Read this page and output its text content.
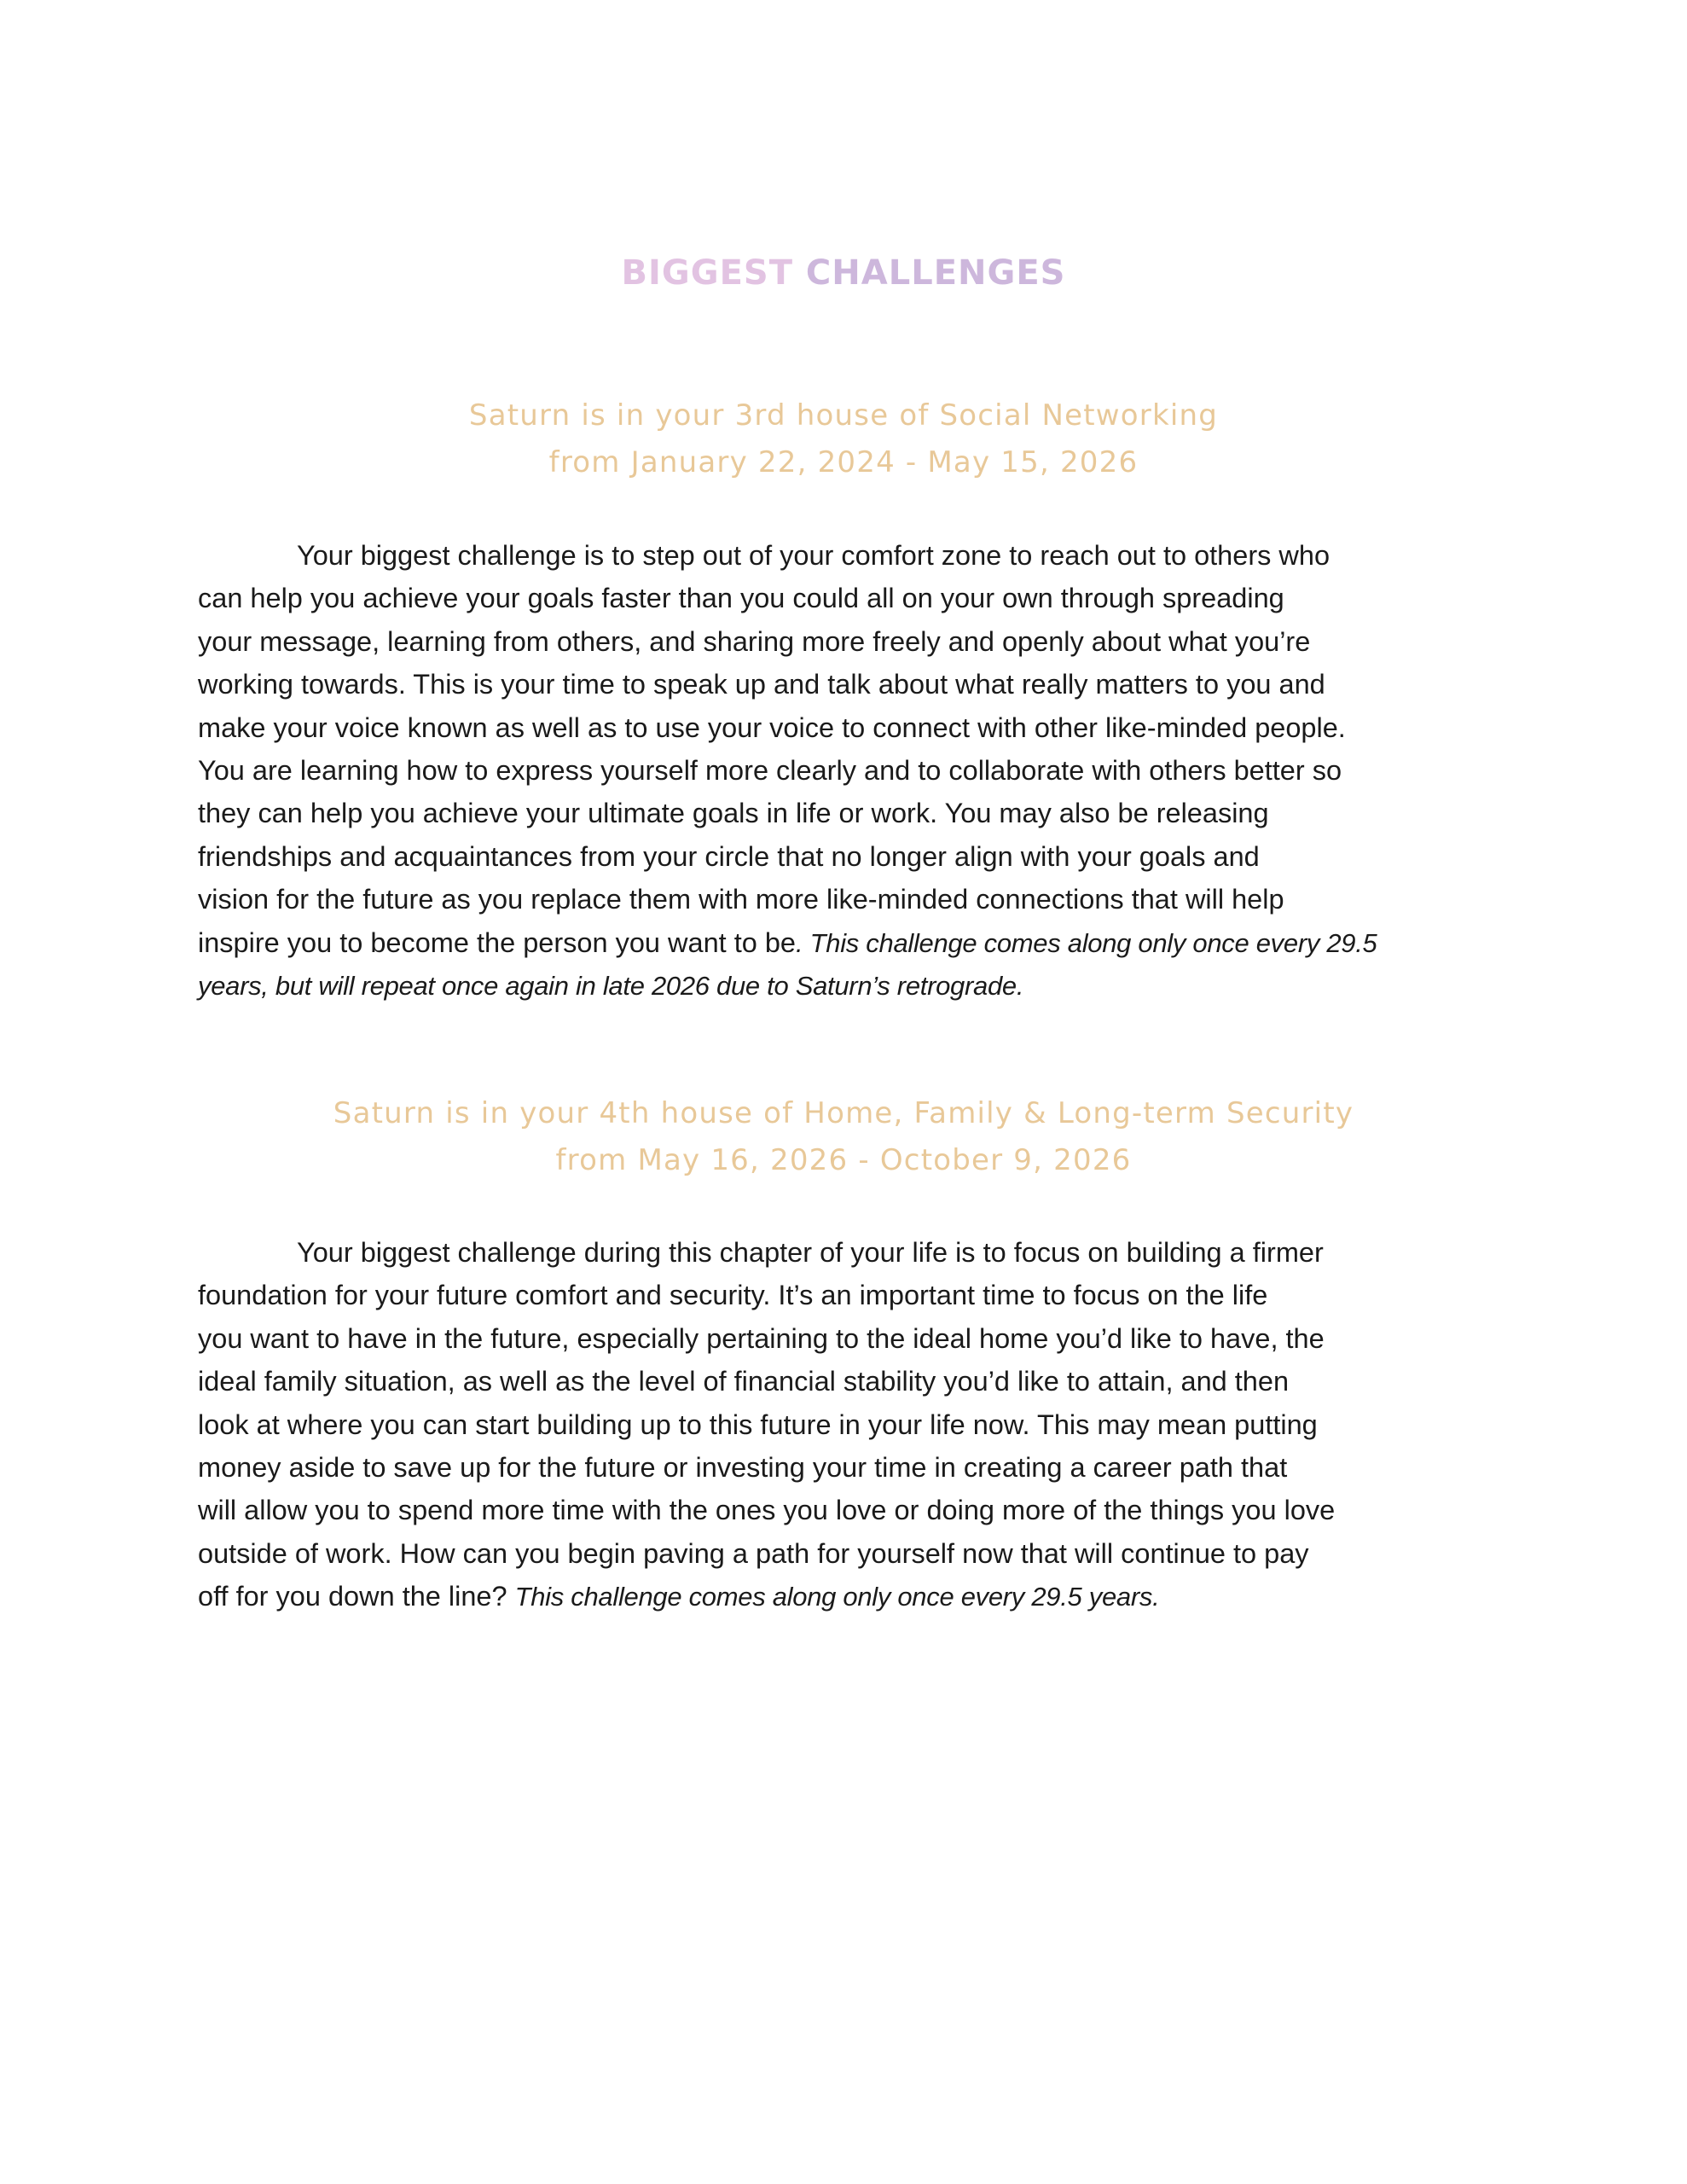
BIGGEST CHALLENGES
Saturn is in your 3rd house of Social Networking
from January 22, 2024 - May 15, 2026
Your biggest challenge is to step out of your comfort zone to reach out to others who
can help you achieve your goals faster than you could all on your own through spreading
your message, learning from others, and sharing more freely and openly about what you’re
working towards. This is your time to speak up and talk about what really matters to you and
make your voice known as well as to use your voice to connect with other like-minded people.
You are learning how to express yourself more clearly and to collaborate with others better so
they can help you achieve your ultimate goals in life or work. You may also be releasing
friendships and acquaintances from your circle that no longer align with your goals and
vision for the future as you replace them with more like-minded connections that will help
inspire you to become the person you want to be. This challenge comes along only once every 29.5
years, but will repeat once again in late 2026 due to Saturn’s retrograde.
Saturn is in your 4th house of Home, Family & Long-term Security
from May 16, 2026 - October 9, 2026
Your biggest challenge during this chapter of your life is to focus on building a firmer
foundation for your future comfort and security. It’s an important time to focus on the life
you want to have in the future, especially pertaining to the ideal home you’d like to have, the
ideal family situation, as well as the level of financial stability you’d like to attain, and then
look at where you can start building up to this future in your life now. This may mean putting
money aside to save up for the future or investing your time in creating a career path that
will allow you to spend more time with the ones you love or doing more of the things you love
outside of work. How can you begin paving a path for yourself now that will continue to pay
off for you down the line? This challenge comes along only once every 29.5 years.
